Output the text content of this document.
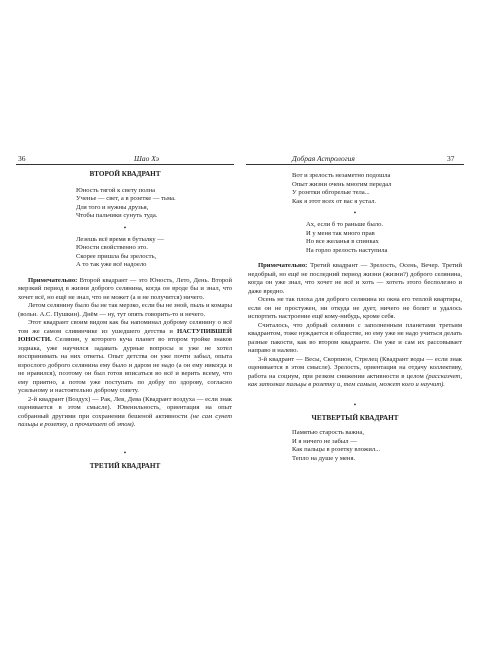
36	Шао Хэ	Добрая Астрология	37
ВТОРОЙ КВАДРАНТ
Юность тягой к свету полна
Ученье — свет, а в розетке — тьма.
Для того и нужны друзья,
Чтобы пальчики сунуть туда.
•
Лезешь всё время в бутылку —
Юности свойственно это.
Скорее пришла бы зрелость,
А то так уже всё надоело

Примечательно: Второй квадрант — это Юность, Лето, День. Второй мерзкий период в жизни доброго селянина, когда он вроде бы и знал, что хочет всё, но ещё не знал, что не может (а и не получится) ничего.

Летом селянину было бы не так мерзко, если бы не зной, пыль и комары (вольн. А.С. Пушкин). Днём — ну, тут опять говорить-то и нечего.

Этот квадрант своим видом как бы напоминал доброму селянину о всё том же самом сливянчике из ушедшего детства и НАСТУПИВШЕЙ ЮНОСТИ. Селянин, у которого куча планет во втором тройке знаков зодиака, уже научился задавать дурные вопросы и уже не хотел воспринимать на них ответы. Опыт детства он уже почти забыл, опыта взрослого доброго селянина ему было и даром не надо (а он ему никогда и не нравился), поэтому он был готов вписаться во всё и верить всему, что ему приятно, а потом уже поступать по добру по здорову, согласно усильному и настоятельно доброму совету.

2-й квадрант (Воздух) — Рак, Лев, Дева (Квадрант воздуха — если знак оценивается в этом смысле). Ювенильность, ориентация на опыт собранный другими при сохранении бешеной активности (не сам сунет пальцы в розетку, а прочитает об этом).

•
ТРЕТИЙ КВАДРАНТ
Вот и зрелость незаметно подошла
Опыт жизни очень многим передал
У розетки обгорелые тела...
Как я этот всех от вас я устал.
•
Ах, если б то раньше было.
И у меня так много прав
Но все желанья в спинках
На горло зрелость наступила

Примечательно: Третий квадрант — Зрелость, Осень, Вечер. Третий недобрый, но ещё не последний период жизни (жизни?) доброго селянина, когда он уже знал, что хочет не всё и хоть — хотеть этого бесполезно и даже вредно.

Осень не так плоха для доброго селянина из окна его теплой квартиры, если он не простужен, ни откуда не дует, ничего не болит и удалось испортить настроение ещё кому-нибудь, кроме себя.

Считалось, что добрый селянин с заполненным планетами третьим квадрантом, тоже нуждается в обществе, но ему уже не надо учиться делать разные пакости, как во втором квадранте. Он уже и сам их рассовывает направо и налево.

3-й квадрант — Весы, Скорпион, Стрелец (Квадрант воды — если знак оценивается в этом смысле). Зрелость, ориентация на отдачу коллективу, работа на социум, при резком снижении активности в целом (рассказчет, как затолкал пальцы в розетку и, тем самым, может кого и научит).

•
ЧЕТВЕРТЫЙ КВАДРАНТ
Памятью старость важна,
И я ничего не забыл —
Как пальцы в розетку вложил...
Тепло на душе у меня.
